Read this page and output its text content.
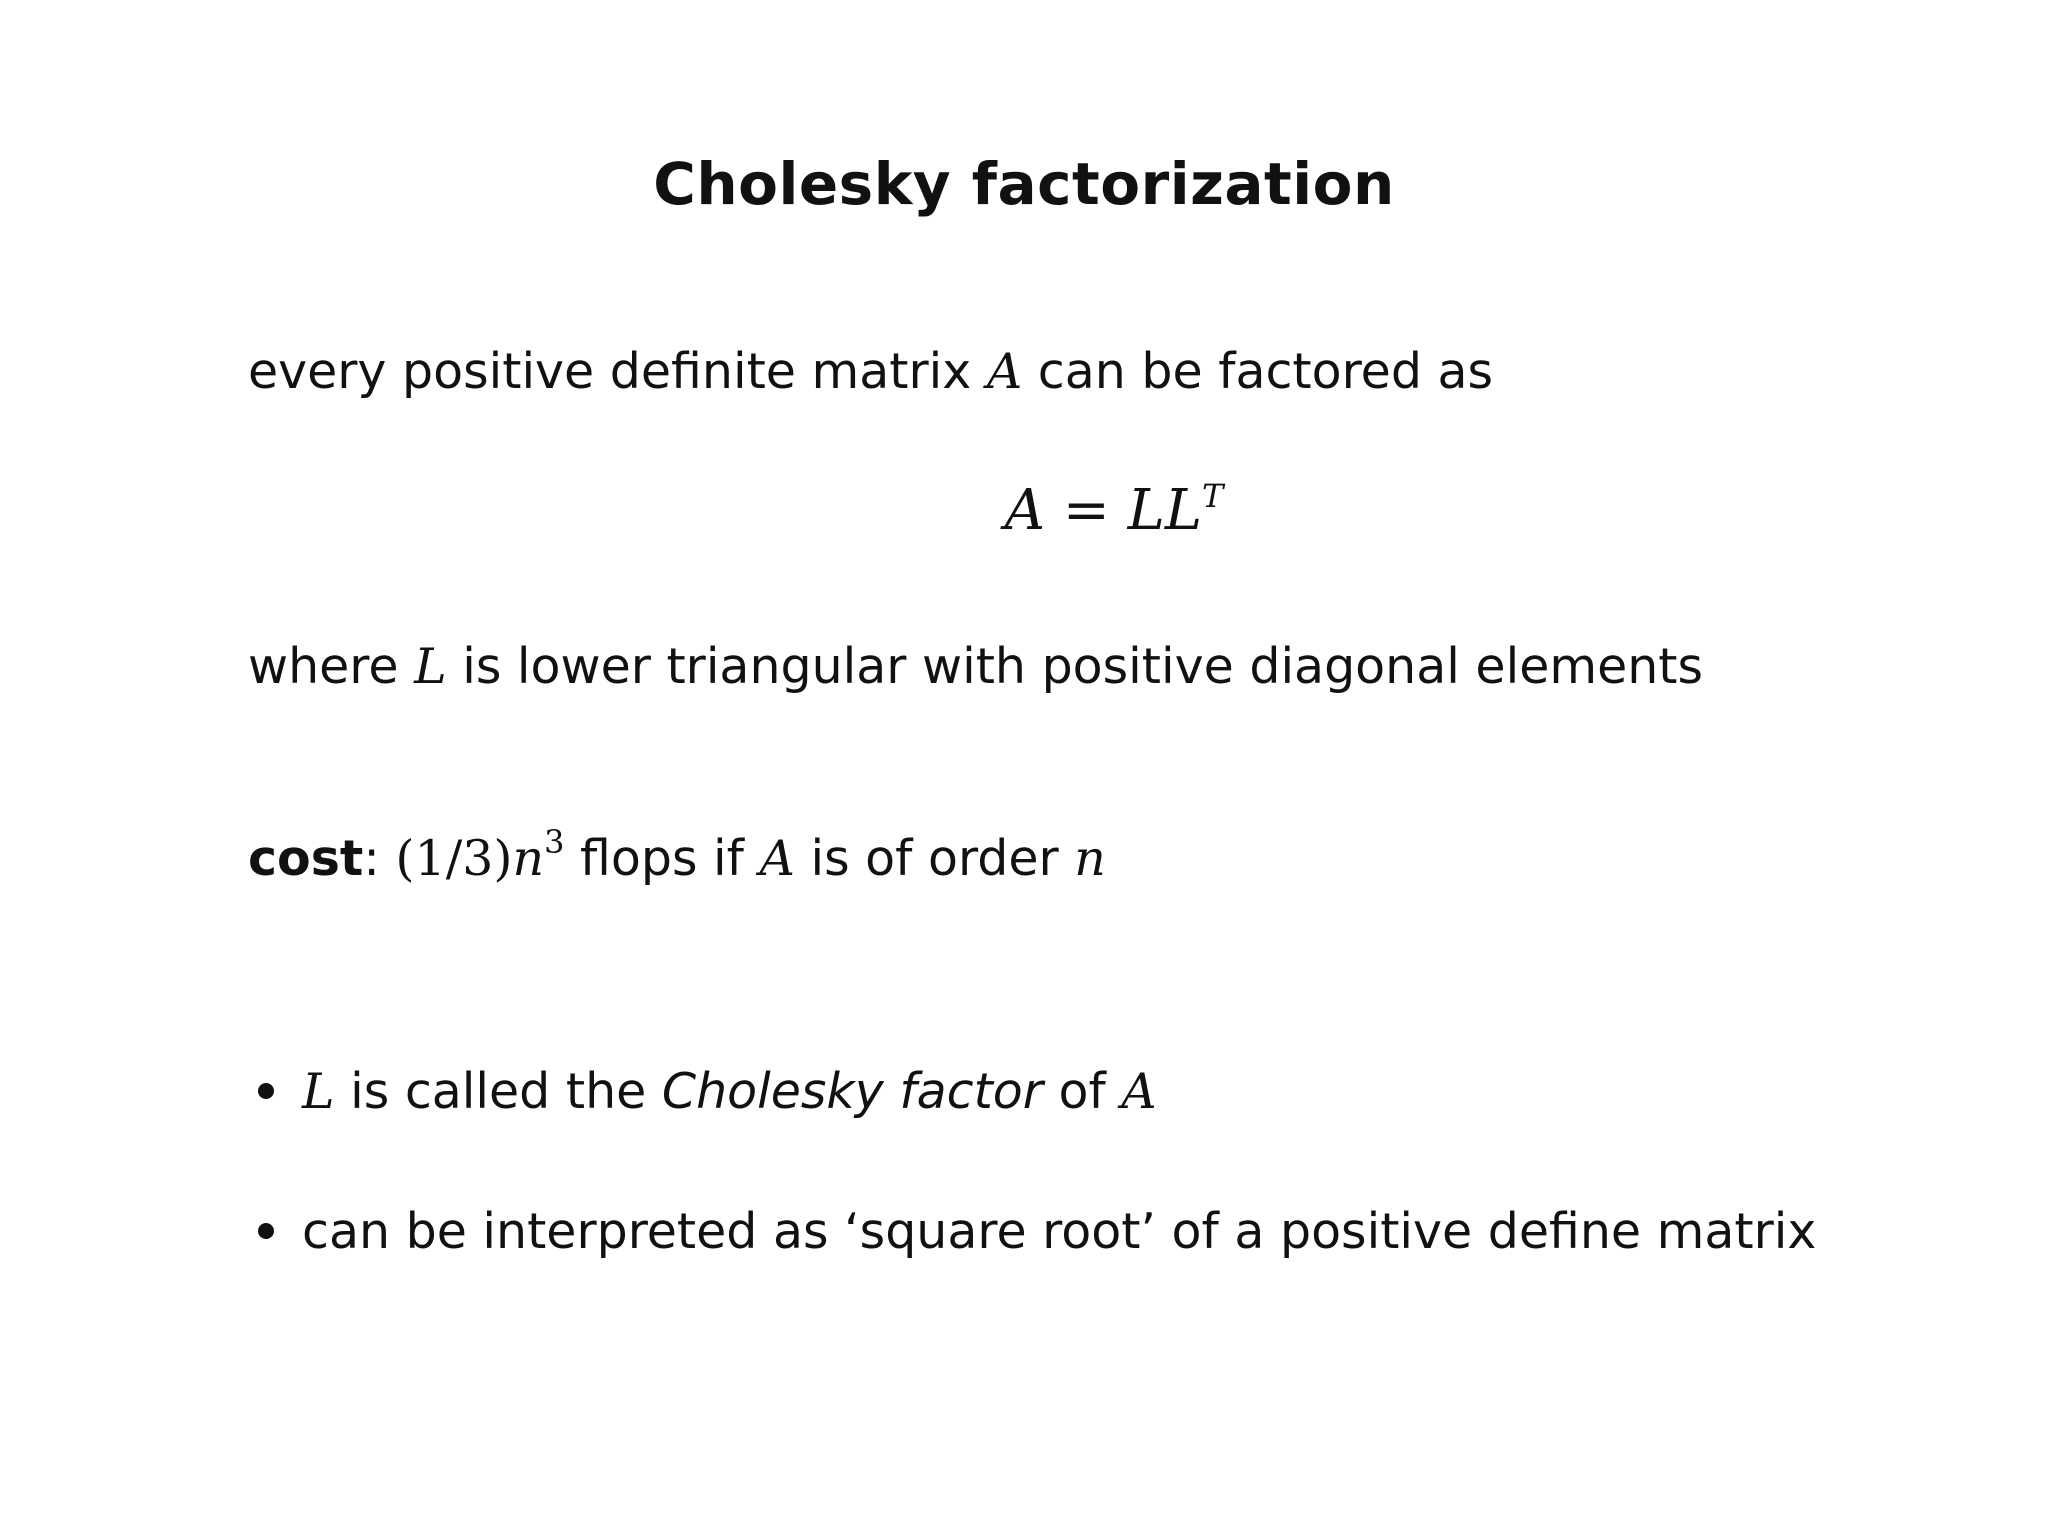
Cholesky factorization
every positive definite matrix A can be factored as
$A = LL^T$
where L is lower triangular with positive diagonal elements
cost: $(1/3)n^3$ flops if A is of order n
L is called the Cholesky factor of A
can be interpreted as ‘square root’ of a positive define matrix
